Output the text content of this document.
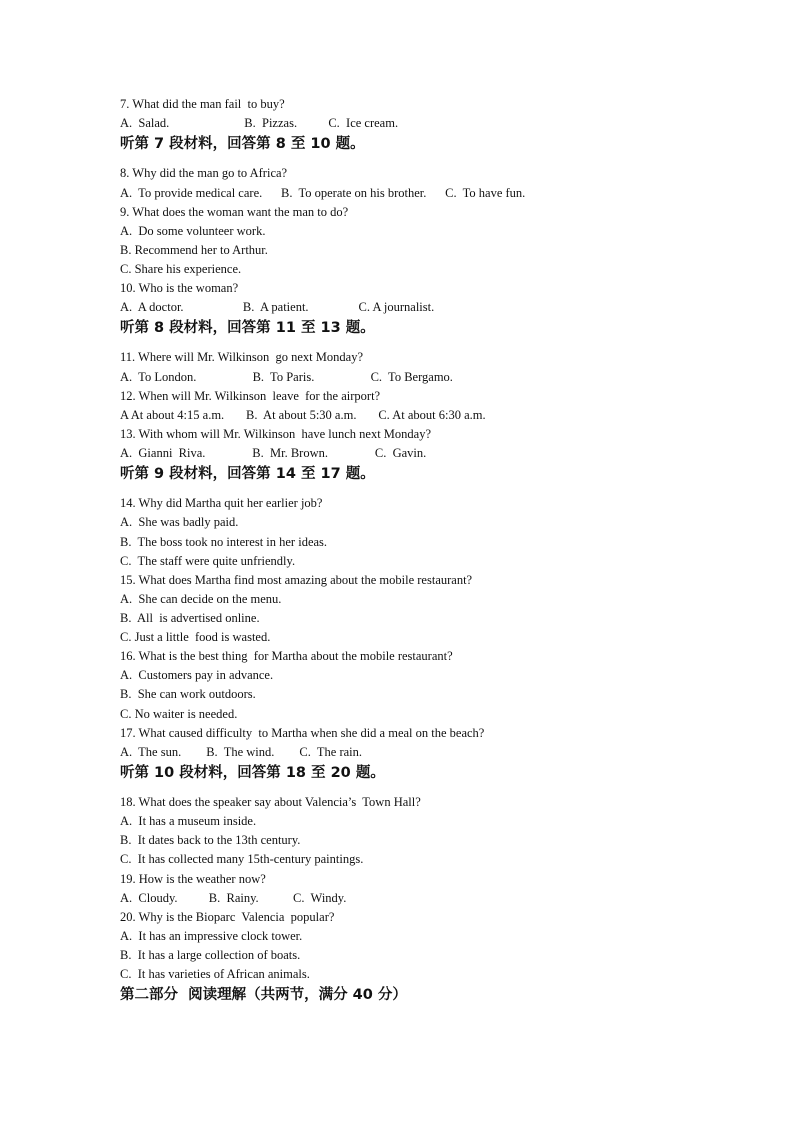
7. What did the man fail  to buy?
A.  Salad.                        B.  Pizzas.          C.  Ice cream.
听第 7 段材料，回答第 8 至 10 题。
8. Why did the man go to Africa?
A.  To provide medical care.      B.  To operate on his brother.      C.  To have fun.
9. What does the woman want the man to do?
A.  Do some volunteer work.
B. Recommend her to Arthur.
C. Share his experience.
10. Who is the woman?
A.  A doctor.                   B.  A patient.                C. A journalist.
听第 8 段材料，回答第 11 至 13 题。
11. Where will Mr. Wilkinson  go next Monday?
A.  To London.                  B.  To Paris.                  C.  To Bergamo.
12. When will Mr. Wilkinson  leave  for the airport?
A At about 4:15 a.m.       B.  At about 5:30 a.m.       C. At about 6:30 a.m.
13. With whom will Mr. Wilkinson  have lunch next Monday?
A.  Gianni  Riva.               B.  Mr. Brown.               C.  Gavin.
听第 9 段材料，回答第 14 至 17 题。
14. Why did Martha quit her earlier job?
A.  She was badly paid.
B.  The boss took no interest in her ideas.
C.  The staff were quite unfriendly.
15. What does Martha find most amazing about the mobile restaurant?
A.  She can decide on the menu.
B.  All  is advertised online.
C. Just a little  food is wasted.
16. What is the best thing  for Martha about the mobile restaurant?
A.  Customers pay in advance.
B.  She can work outdoors.
C. No waiter is needed.
17. What caused difficulty  to Martha when she did a meal on the beach?
A.  The sun.        B.  The wind.        C.  The rain.
听第 10 段材料，回答第 18 至 20 题。
18. What does the speaker say about Valencia’s  Town Hall?
A.  It has a museum inside.
B.  It dates back to the 13th century.
C.  It has collected many 15th-century paintings.
19. How is the weather now?
A.  Cloudy.          B.  Rainy.           C.  Windy.
20. Why is the Bioparc  Valencia  popular?
A.  It has an impressive clock tower.
B.  It has a large collection of boats.
C.  It has varieties of African animals.
第二部分  阅读理解（共两节，满分 40 分）
